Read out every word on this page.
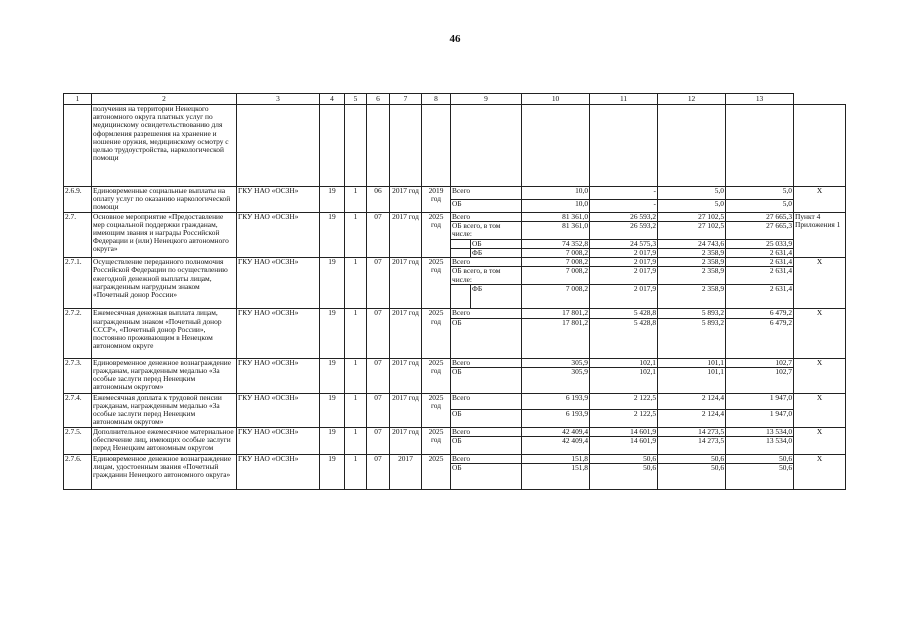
46
1	2	3	4	5	6	7	8	9		10	11	12	13	
	получения на территории Ненецкого автономного округа платных услуг по медицинскому освидетельствованию для оформления разрешения на хранение и ношение оружия, медицинскому осмотру с целью трудоустройства, наркологической помощи													
2.6.9.	Единовременные социальные выплаты на оплату услуг по оказанию наркологической помощи	ГКУ НАО «ОСЗН»	19	1	06	2017 год	2019 год	Всего		10,0	-	5,0	5,0	X
								ОБ		10,0	-	5,0	5,0	
2.7.	Основное мероприятие «Предоставление мер социальной поддержки гражданам, имеющим звания и награды Российской Федерации и (или) Ненецкого автономного округа»	ГКУ НАО «ОСЗН»	19	1	07	2017 год	2025 год	Всего		81 361,0	26 593,2	27 102,5	27 665,3	Пункт 4 Приложения 1
								ОБ всего, в том числе:		81 361,0	26 593,2	27 102,5	27 665,3	
									ОБ	74 352,8	24 575,3	24 743,6	25 033,9	
									ФБ	7 008,2	2 017,9	2 358,9	2 631,4	
2.7.1.	Осуществление переданного полномочия Российской Федерации по осуществлению ежегодной денежной выплаты лицам, награжденным нагрудным знаком «Почетный донор России»	ГКУ НАО «ОСЗН»	19	1	07	2017 год	2025 год	Всего		7 008,2	2 017,9	2 358,9	2 631,4	X
								ОБ всего, в том числе:		7 008,2	2 017,9	2 358,9	2 631,4	
									ФБ	7 008,2	2 017,9	2 358,9	2 631,4	
2.7.2.	Ежемесячная денежная выплата лицам, награжденным знаком «Почетный донор СССР», «Почетный донор России», постоянно проживающим в Ненецком автономном округе	ГКУ НАО «ОСЗН»	19	1	07	2017 год	2025 год	Всего		17 801,2	5 428,8	5 893,2	6 479,2	X
								ОБ		17 801,2	5 428,8	5 893,2	6 479,2	
2.7.3.	Единовременное денежное вознаграждение гражданам, награжденным медалью «За особые заслуги перед Ненецким автономным округом»	ГКУ НАО «ОСЗН»	19	1	07	2017 год	2025 год	Всего		305,9	102,1	101,1	102,7	X
								ОБ		305,9	102,1	101,1	102,7	
2.7.4.	Ежемесячная доплата к трудовой пенсии гражданам, награжденным медалью «За особые заслуги перед Ненецким автономным округом»	ГКУ НАО «ОСЗН»	19	1	07	2017 год	2025 год	Всего		6 193,9	2 122,5	2 124,4	1 947,0	X
								ОБ		6 193,9	2 122,5	2 124,4	1 947,0	
2.7.5.	Дополнительное ежемесячное материальное обеспечение лиц, имеющих особые заслуги перед Ненецким автономным округом	ГКУ НАО «ОСЗН»	19	1	07	2017 год	2025 год	Всего		42 409,4	14 601,9	14 273,5	13 534,0	X
								ОБ		42 409,4	14 601,9	14 273,5	13 534,0	
2.7.6.	Единовременное денежное вознаграждение лицам, удостоенным звания «Почетный гражданин Ненецкого автономного округа»	ГКУ НАО «ОСЗН»	19	1	07	2017	2025	Всего		151,8	50,6	50,6	50,6	X
								ОБ		151,8	50,6	50,6	50,6	
